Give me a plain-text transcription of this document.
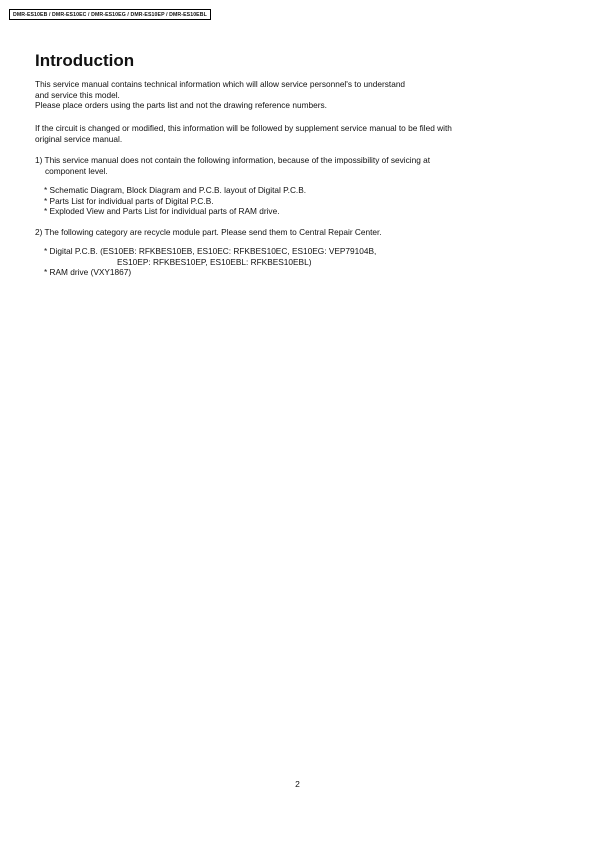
DMR-ES10EB / DMR-ES10EC / DMR-ES10EG / DMR-ES10EP / DMR-ES10EBL
Introduction

This service manual contains technical information which will allow service personnel's to understand

and service this model.

Please place orders using the parts list and not the drawing reference numbers.

If the circuit is changed or modified, this information will be followed by supplement service manual to be filed with

original service manual.

1) This service manual does not contain the following information, because of the impossibility of sevicing at

component level.

* Schematic Diagram, Block Diagram and P.C.B. layout of Digital P.C.B.

* Parts List for individual parts of Digital P.C.B.

* Exploded View and Parts List for individual parts of RAM drive.

2) The following category are recycle module part. Please send them to Central Repair Center.

* Digital P.C.B. (ES10EB: RFKBES10EB, ES10EC: RFKBES10EC, ES10EG: VEP79104B,

ES10EP: RFKBES10EP, ES10EBL: RFKBES10EBL)

* RAM drive (VXY1867)

2
